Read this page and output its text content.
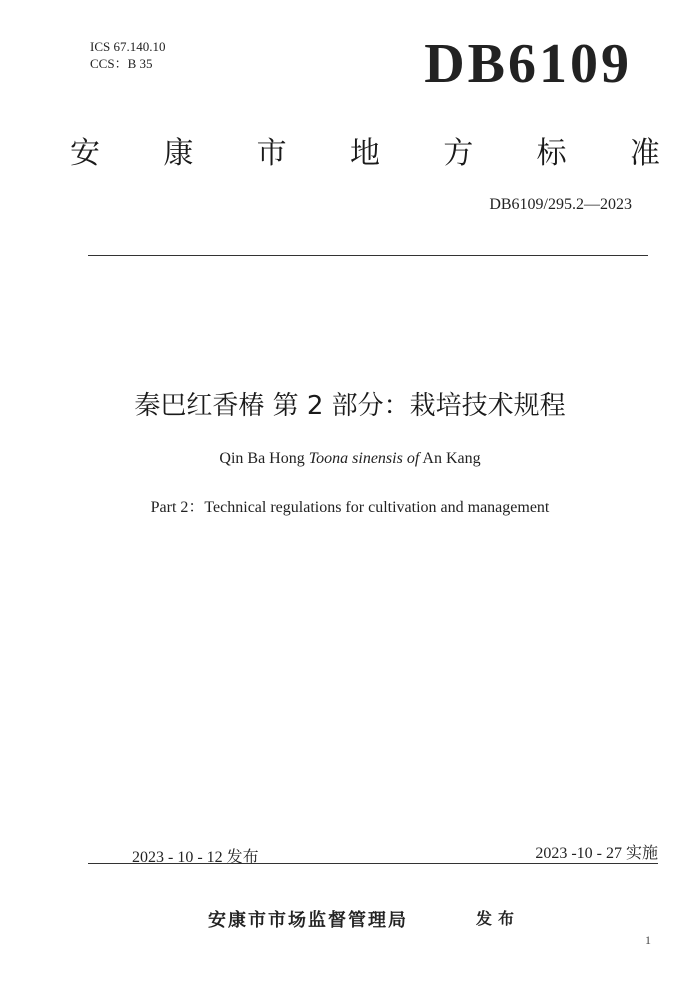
ICS 67.140.10
CCS：B 35	DB6109
安 康 市 地 方 标 准
DB6109/295.2—2023
秦巴红香椿 第 2 部分：栽培技术规程
Qin Ba Hong Toona sinensis of An Kang
Part 2：Technical regulations for cultivation and management
2023 - 10 - 12 发布	2023 -10 - 27 实施
安康市市场监督管理局	发布
1
